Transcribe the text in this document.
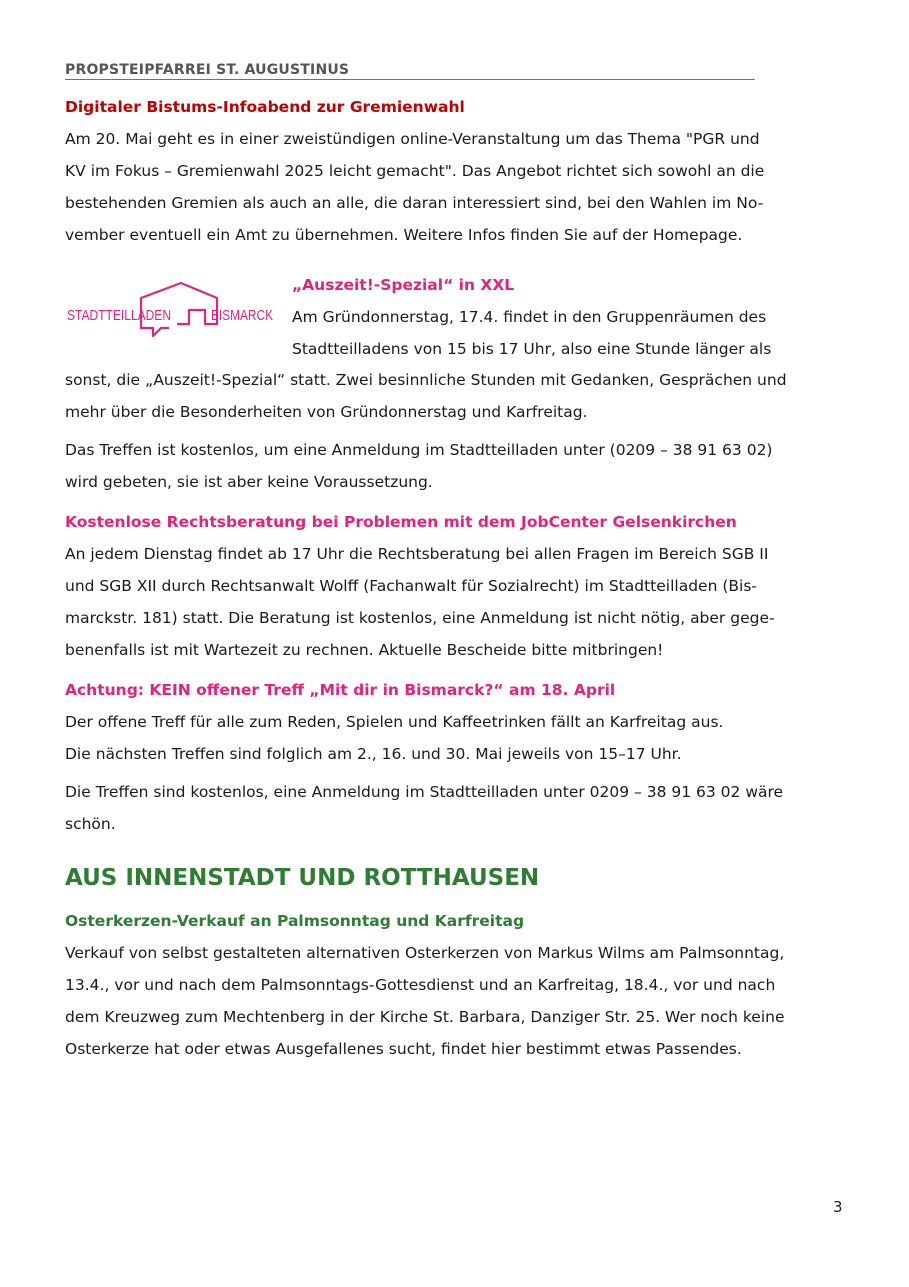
PROPSTEIPFARREI ST. AUGUSTINUS
Digitaler Bistums-Infoabend zur Gremienwahl

Am 20. Mai geht es in einer zweistündigen online-Veranstaltung um das Thema "PGR und

KV im Fokus – Gremienwahl 2025 leicht gemacht". Das Angebot richtet sich sowohl an die

bestehenden Gremien als auch an alle, die daran interessiert sind, bei den Wahlen im No-

vember eventuell ein Amt zu übernehmen. Weitere Infos finden Sie auf der Homepage.

STADTTEILLADEN	BISMARCK
„Auszeit!-Spezial“ in XXL

Am Gründonnerstag, 17.4. findet in den Gruppenräumen des

Stadtteilladens von 15 bis 17 Uhr, also eine Stunde länger als

sonst, die „Auszeit!-Spezial“ statt. Zwei besinnliche Stunden mit Gedanken, Gesprächen und

mehr über die Besonderheiten von Gründonnerstag und Karfreitag.

Das Treffen ist kostenlos, um eine Anmeldung im Stadtteilladen unter (0209 – 38 91 63 02)

wird gebeten, sie ist aber keine Voraussetzung.

Kostenlose Rechtsberatung bei Problemen mit dem JobCenter Gelsenkirchen

An jedem Dienstag findet ab 17 Uhr die Rechtsberatung bei allen Fragen im Bereich SGB II

und SGB XII durch Rechtsanwalt Wolff (Fachanwalt für Sozialrecht) im Stadtteilladen (Bis-

marckstr. 181) statt. Die Beratung ist kostenlos, eine Anmeldung ist nicht nötig, aber gege-

benenfalls ist mit Wartezeit zu rechnen. Aktuelle Bescheide bitte mitbringen!

Achtung: KEIN offener Treff „Mit dir in Bismarck?“ am 18. April

Der offene Treff für alle zum Reden, Spielen und Kaffeetrinken fällt an Karfreitag aus.

Die nächsten Treffen sind folglich am 2., 16. und 30. Mai jeweils von 15–17 Uhr.

Die Treffen sind kostenlos, eine Anmeldung im Stadtteilladen unter 0209 – 38 91 63 02 wäre

schön.

AUS INNENSTADT UND ROTTHAUSEN
Osterkerzen-Verkauf an Palmsonntag und Karfreitag

Verkauf von selbst gestalteten alternativen Osterkerzen von Markus Wilms am Palmsonntag,

13.4., vor und nach dem Palmsonntags-Gottesdienst und an Karfreitag, 18.4., vor und nach

dem Kreuzweg zum Mechtenberg in der Kirche St. Barbara, Danziger Str. 25. Wer noch keine

Osterkerze hat oder etwas Ausgefallenes sucht, findet hier bestimmt etwas Passendes.

3
